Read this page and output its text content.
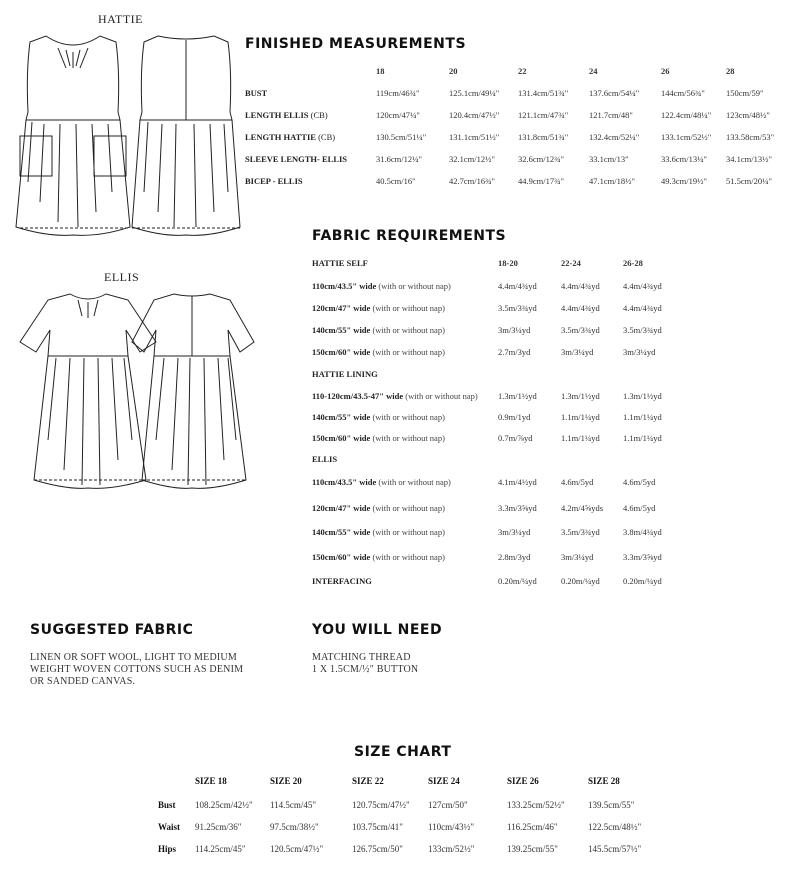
HATTIE
ELLIS
FINISHED MEASUREMENTS
18	20	22	24	26	28
BUST	119cm/46¾"	125.1cm/49¼" 131.4cm/51¾" 137.6cm/54¼"	144cm/56¾" 150cm/59"
LENGTH ELLIS (CB)	120cm/47¼"	120.4cm/47½" 121.1cm/47¾" 121.7cm/48"	122.4cm/48¼" 123cm/48½"
LENGTH HATTIE (CB)	130.5cm/51¼"	131.1cm/51½" 131.8cm/51¾" 132.4cm/52¼"	133.1cm/52½" 133.58cm/53"
SLEEVE LENGTH- ELLIS	31.6cm/12¼"	32.1cm/12½"	32.6cm/12¾"	33.1cm/13"	33.6cm/13¼" 34.1cm/13½"
BICEP - ELLIS	40.5cm/16"	42.7cm/16¾"	44.9cm/17¾"	47.1cm/18½"	49.3cm/19½" 51.5cm/20¼"
FABRIC REQUIREMENTS
HATTIE SELF	18-20	22-24	26-28
110cm/43.5" wide (with or without nap)	4.4m/4¾yd	4.4m/4¾yd	4.4m/4¾yd
120cm/47" wide (with or without nap)	3.5m/3¾yd	4.4m/4¾yd	4.4m/4¾yd
140cm/55" wide (with or without nap)	3m/3¼yd	3.5m/3¾yd	3.5m/3¾yd
150cm/60" wide (with or without nap)	2.7m/3yd	3m/3¼yd	3m/3¼yd
HATTIE LINING
110-120cm/43.5-47" wide (with or without nap) 1.3m/1½yd	1.3m/1½yd	1.3m/1½yd
140cm/55" wide (with or without nap)	0.9m/1yd	1.1m/1¼yd	1.1m/1¼yd
150cm/60" wide (with or without nap)	0.7m/⅞yd	1.1m/1¼yd	1.1m/1¼yd
ELLIS
110cm/43.5" wide (with or without nap)	4.1m/4½yd	4.6m/5yd	4.6m/5yd
120cm/47" wide (with or without nap)	3.3m/3⅝yd	4.2m/4⅝yds 4.6m/5yd
140cm/55" wide (with or without nap)	3m/3¼yd	3.5m/3¾yd	3.8m/4¼yd
150cm/60" wide (with or without nap)	2.8m/3yd	3m/3¼yd	3.3m/3⅝yd
INTERFACING	0.20m/¼yd	0.20m/¼yd	0.20m/¼yd
SUGGESTED FABRIC
LINEN OR SOFT WOOL, LIGHT TO MEDIUM
WEIGHT WOVEN COTTONS SUCH AS DENIM
OR SANDED CANVAS.
YOU WILL NEED
MATCHING THREAD
1 X 1.5CM/½" BUTTON
SIZE CHART
SIZE 18	SIZE 20	SIZE 22	SIZE 24	SIZE 26	SIZE 28
Bust 108.25cm/42½" 114.5cm/45"	120.75cm/47½" 127cm/50"	133.25cm/52½"	139.5cm/55"
Waist 91.25cm/36"	97.5cm/38½"	103.75cm/41"	110cm/43½"	116.25cm/46"	122.5cm/48½"
Hips 114.25cm/45"	120.5cm/47½"	126.75cm/50"	133cm/52½"	139.25cm/55"	145.5cm/57½"
